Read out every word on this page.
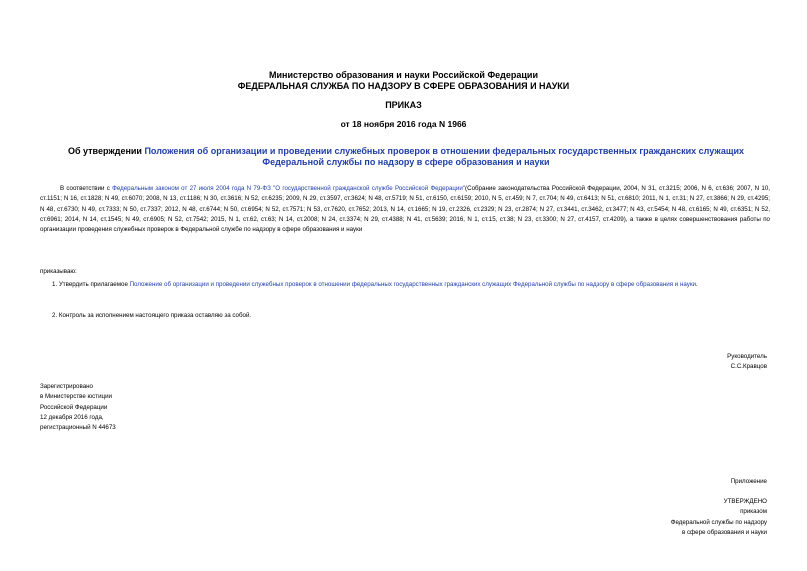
Министерство образования и науки Российской Федерации
ФЕДЕРАЛЬНАЯ СЛУЖБА ПО НАДЗОРУ В СФЕРЕ ОБРАЗОВАНИЯ И НАУКИ
ПРИКАЗ
от 18 ноября 2016 года N 1966
Об утверждении Положения об организации и проведении служебных проверок в отношении федеральных государственных гражданских служащих Федеральной службы по надзору в сфере образования и науки
В соответствии с Федеральным законом от 27 июля 2004 года N 79-ФЗ "О государственной гражданской службе Российской Федерации"(Собрание законодательства Российской Федерации, 2004, N 31, ст.3215; 2006, N 6, ст.636; 2007, N 10, ст.1151; N 16, ст.1828; N 49, ст.6070; 2008, N 13, ст.1186; N 30, ст.3616; N 52, ст.6235; 2009, N 29, ст.3597, ст.3624; N 48, ст.5719; N 51, ст.6150, ст.6159; 2010, N 5, ст.459; N 7, ст.704; N 49, ст.6413; N 51, ст.6810; 2011, N 1, ст.31; N 27, ст.3866; N 29, ст.4295; N 48, ст.6730; N 49, ст.7333; N 50, ст.7337; 2012, N 48, ст.6744; N 50, ст.6954; N 52, ст.7571; N 53, ст.7620, ст.7652; 2013, N 14, ст.1665; N 19, ст.2326, ст.2329; N 23, ст.2874; N 27, ст.3441, ст.3462, ст.3477; N 43, ст.5454; N 48, ст.6165; N 49, ст.6351; N 52, ст.6961; 2014, N 14, ст.1545; N 49, ст.6905; N 52, ст.7542; 2015, N 1, ст.62, ст.63; N 14, ст.2008; N 24, ст.3374; N 29, ст.4388; N 41, ст.5639; 2016, N 1, ст.15, ст.38; N 23, ст.3300; N 27, ст.4157, ст.4209), а также в целях совершенствования работы по организации проведения служебных проверок в Федеральной службе по надзору в сфере образования и науки
приказываю:
1. Утвердить прилагаемое Положение об организации и проведении служебных проверок в отношении федеральных государственных гражданских служащих Федеральной службы по надзору в сфере образования и науки.
2. Контроль за исполнением настоящего приказа оставляю за собой.
Руководитель
С.С.Кравцов
Зарегистрировано
в Министерстве юстиции
Российской Федерации
12 декабря 2016 года,
регистрационный N 44673
Приложение
УТВЕРЖДЕНО
приказом
Федеральной службы по надзору
в сфере образования и науки
